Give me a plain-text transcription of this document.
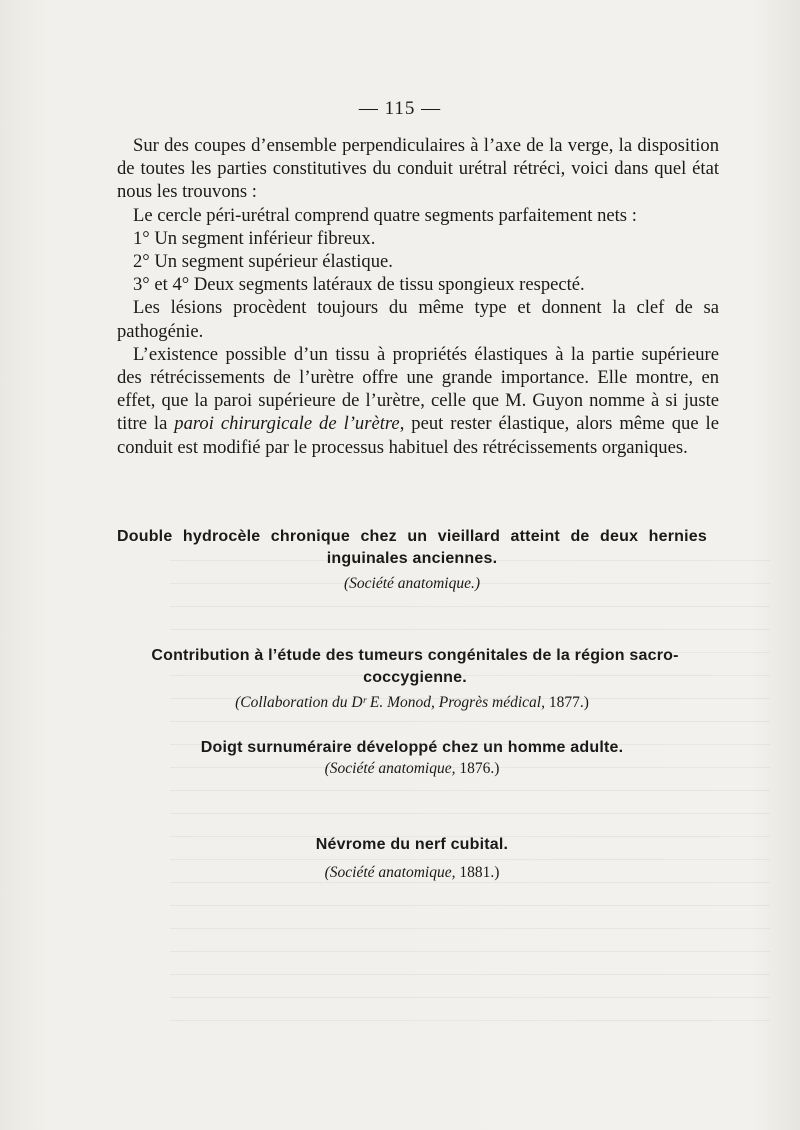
— 115 —

Sur des coupes d’ensemble perpendiculaires à l’axe de la verge, la disposition de toutes les parties constitutives du conduit urétral rétréci, voici dans quel état nous les trouvons :

Le cercle péri-urétral comprend quatre segments parfaitement nets :

1° Un segment inférieur fibreux.

2° Un segment supérieur élastique.

3° et 4° Deux segments latéraux de tissu spongieux respecté.

Les lésions procèdent toujours du même type et donnent la clef de sa pathogénie.

L’existence possible d’un tissu à propriétés élastiques à la partie supérieure des rétrécissements de l’urètre offre une grande importance. Elle montre, en effet, que la paroi supérieure de l’urètre, celle que M. Guyon nomme à si juste titre la paroi chirurgicale de l’urètre, peut rester élastique, alors même que le conduit est modifié par le processus habituel des rétrécissements organiques.

Double hydrocèle chronique chez un vieillard atteint de deux hernies inguinales anciennes.
(Société anatomique.)
Contribution à l’étude des tumeurs congénitales de la région sacro-coccygienne.
(Collaboration du Dʳ E. Monod, Progrès médical, 1877.)
Doigt surnuméraire développé chez un homme adulte.
(Société anatomique, 1876.)
Névrome du nerf cubital.
(Société anatomique, 1881.)
